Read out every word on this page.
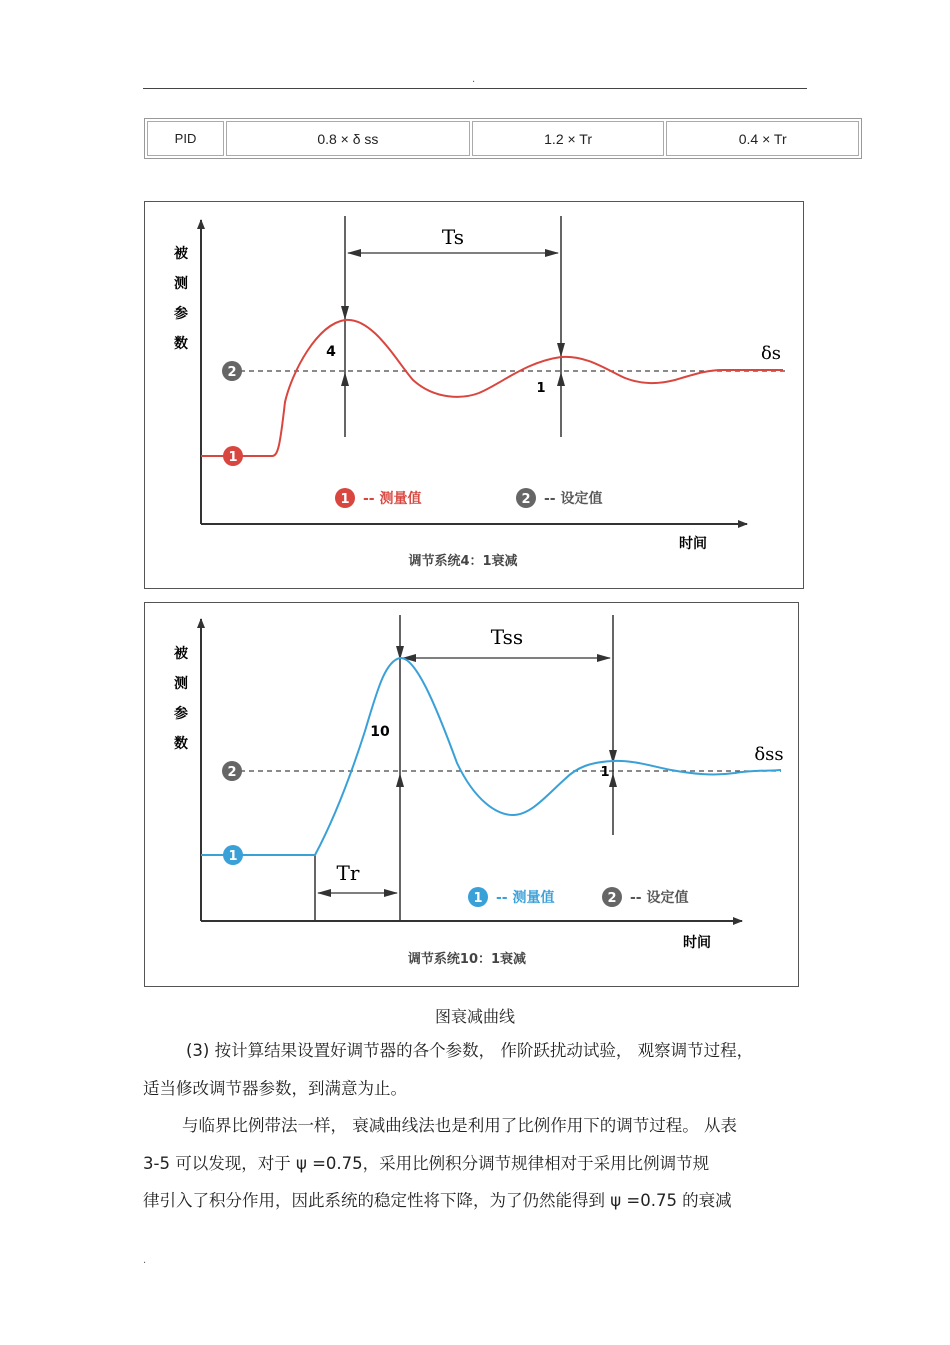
.
PID	0.8 × δ ss	1.2 × Tr	0.4 × Tr
被
测
参
数
Ts
4
1
δs
2
1
1 -- 测量值	2 -- 设定值
时间
调节系统4：1衰减
被
测
参
数
Tss
Tr
10
1
δss
2
1
1 -- 测量值	2 -- 设定值
时间
调节系统10：1衰减
图衰减曲线
(3) 按计算结果设置好调节器的各个参数， 作阶跃扰动试验， 观察调节过程，
适当修改调节器参数，到满意为止。
与临界比例带法一样， 衰减曲线法也是利用了比例作用下的调节过程。 从表
3-5 可以发现，对于 ψ =0.75，采用比例积分调节规律相对于采用比例调节规
律引入了积分作用，因此系统的稳定性将下降，为了仍然能得到 ψ =0.75 的衰减
.
